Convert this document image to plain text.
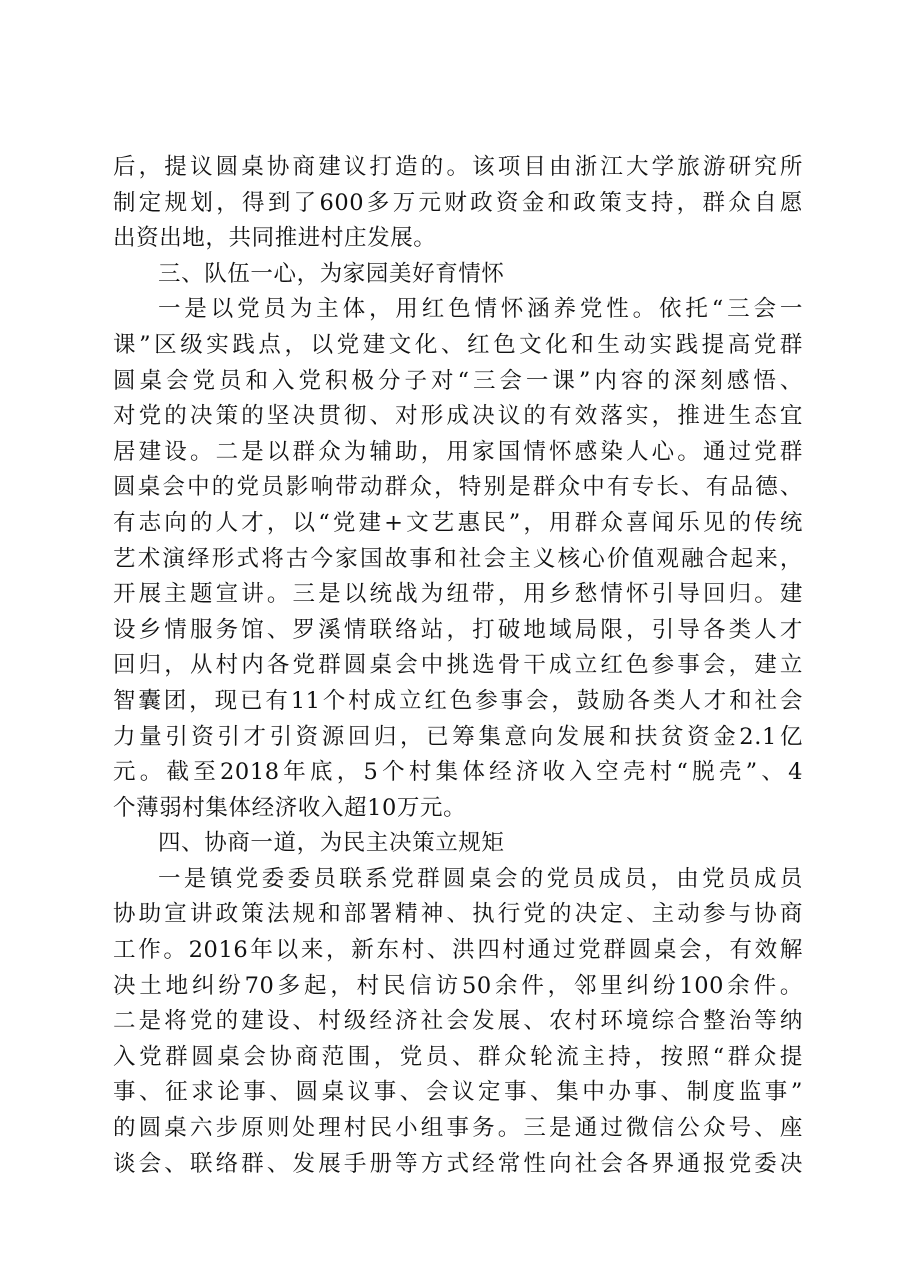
后，提议圆桌协商建议打造的。该项目由浙江大学旅游研究所
制定规划，得到了600多万元财政资金和政策支持，群众自愿
出资出地，共同推进村庄发展。
三、队伍一心，为家园美好育情怀
一是以党员为主体，用红色情怀涵养党性。依托“三会一
课”区级实践点，以党建文化、红色文化和生动实践提高党群
圆桌会党员和入党积极分子对“三会一课”内容的深刻感悟、
对党的决策的坚决贯彻、对形成决议的有效落实，推进生态宜
居建设。二是以群众为辅助，用家国情怀感染人心。通过党群
圆桌会中的党员影响带动群众，特别是群众中有专长、有品德、
有志向的人才，以“党建+文艺惠民”，用群众喜闻乐见的传统
艺术演绎形式将古今家国故事和社会主义核心价值观融合起来，
开展主题宣讲。三是以统战为纽带，用乡愁情怀引导回归。建
设乡情服务馆、罗溪情联络站，打破地域局限，引导各类人才
回归，从村内各党群圆桌会中挑选骨干成立红色参事会，建立
智囊团，现已有11个村成立红色参事会，鼓励各类人才和社会
力量引资引才引资源回归，已筹集意向发展和扶贫资金2.1亿
元。截至2018年底，5个村集体经济收入空壳村“脱壳”、4
个薄弱村集体经济收入超10万元。
四、协商一道，为民主决策立规矩
一是镇党委委员联系党群圆桌会的党员成员，由党员成员
协助宣讲政策法规和部署精神、执行党的决定、主动参与协商
工作。2016年以来，新东村、洪四村通过党群圆桌会，有效解
决土地纠纷70多起，村民信访50余件，邻里纠纷100余件。
二是将党的建设、村级经济社会发展、农村环境综合整治等纳
入党群圆桌会协商范围，党员、群众轮流主持，按照“群众提
事、征求论事、圆桌议事、会议定事、集中办事、制度监事”
的圆桌六步原则处理村民小组事务。三是通过微信公众号、座
谈会、联络群、发展手册等方式经常性向社会各界通报党委决
